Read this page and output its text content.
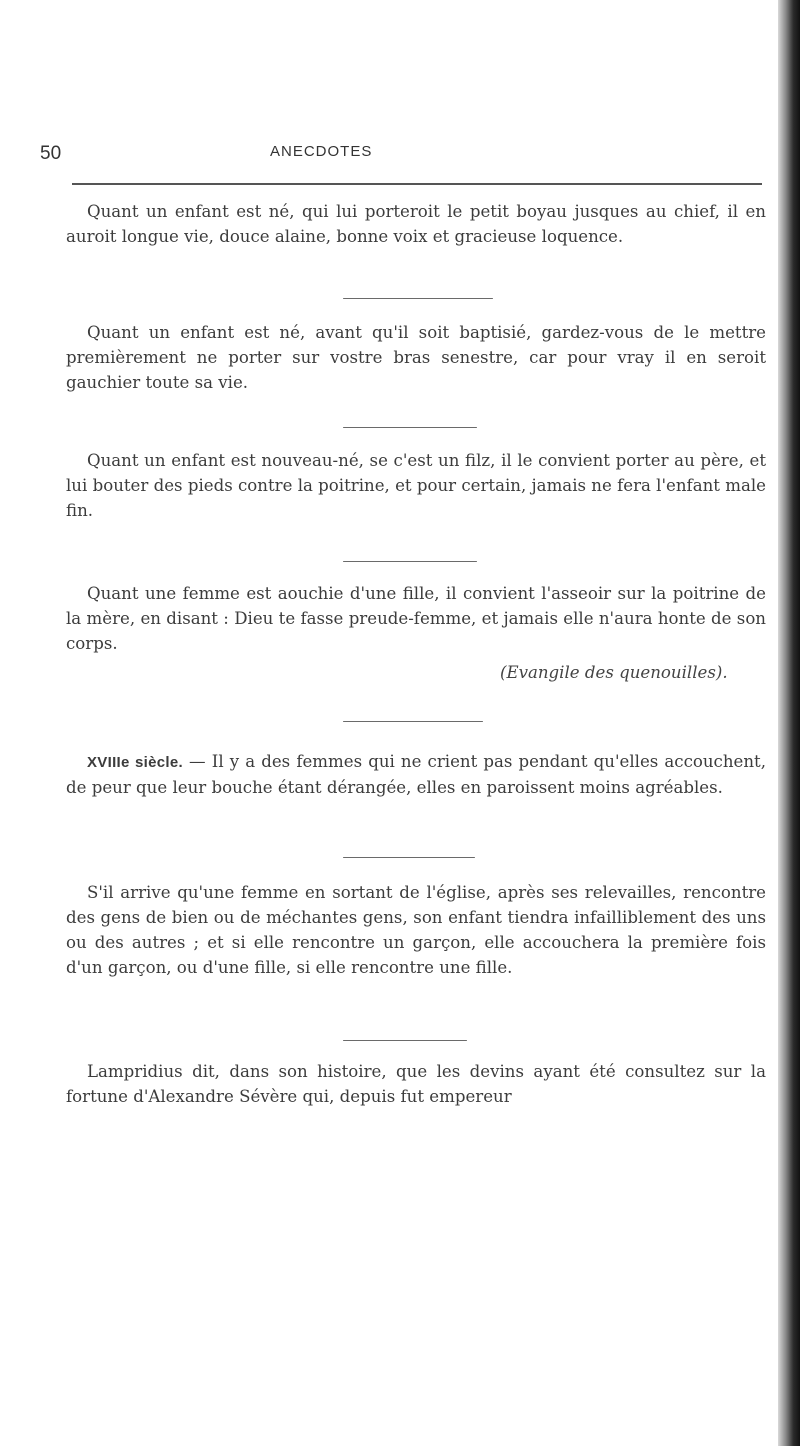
50	ANECDOTES

Quant un enfant est né, qui lui porteroit le petit boyau jusques au chief, il en auroit longue vie, douce alaine, bonne voix et gracieuse loquence.

Quant un enfant est né, avant qu'il soit baptisié, gardez-vous de le mettre premièrement ne porter sur vostre bras senestre, car pour vray il en seroit gauchier toute sa vie.

Quant un enfant est nouveau-né, se c'est un filz, il le convient porter au père, et lui bouter des pieds contre la poitrine, et pour certain, jamais ne fera l'enfant male fin.

Quant une femme est aouchie d'une fille, il convient l'asseoir sur la poitrine de la mère, en disant : Dieu te fasse preude-femme, et jamais elle n'aura honte de son corps.

(Evangile des quenouilles).

XVIIIe siècle. — Il y a des femmes qui ne crient pas pendant qu'elles accouchent, de peur que leur bouche étant dérangée, elles en paroissent moins agréables.

S'il arrive qu'une femme en sortant de l'église, après ses relevailles, rencontre des gens de bien ou de méchantes gens, son enfant tiendra infailliblement des uns ou des autres ; et si elle rencontre un garçon, elle accouchera la première fois d'un garçon, ou d'une fille, si elle rencontre une fille.

Lampridius dit, dans son histoire, que les devins ayant été consultez sur la fortune d'Alexandre Sévère qui, depuis fut empereur
